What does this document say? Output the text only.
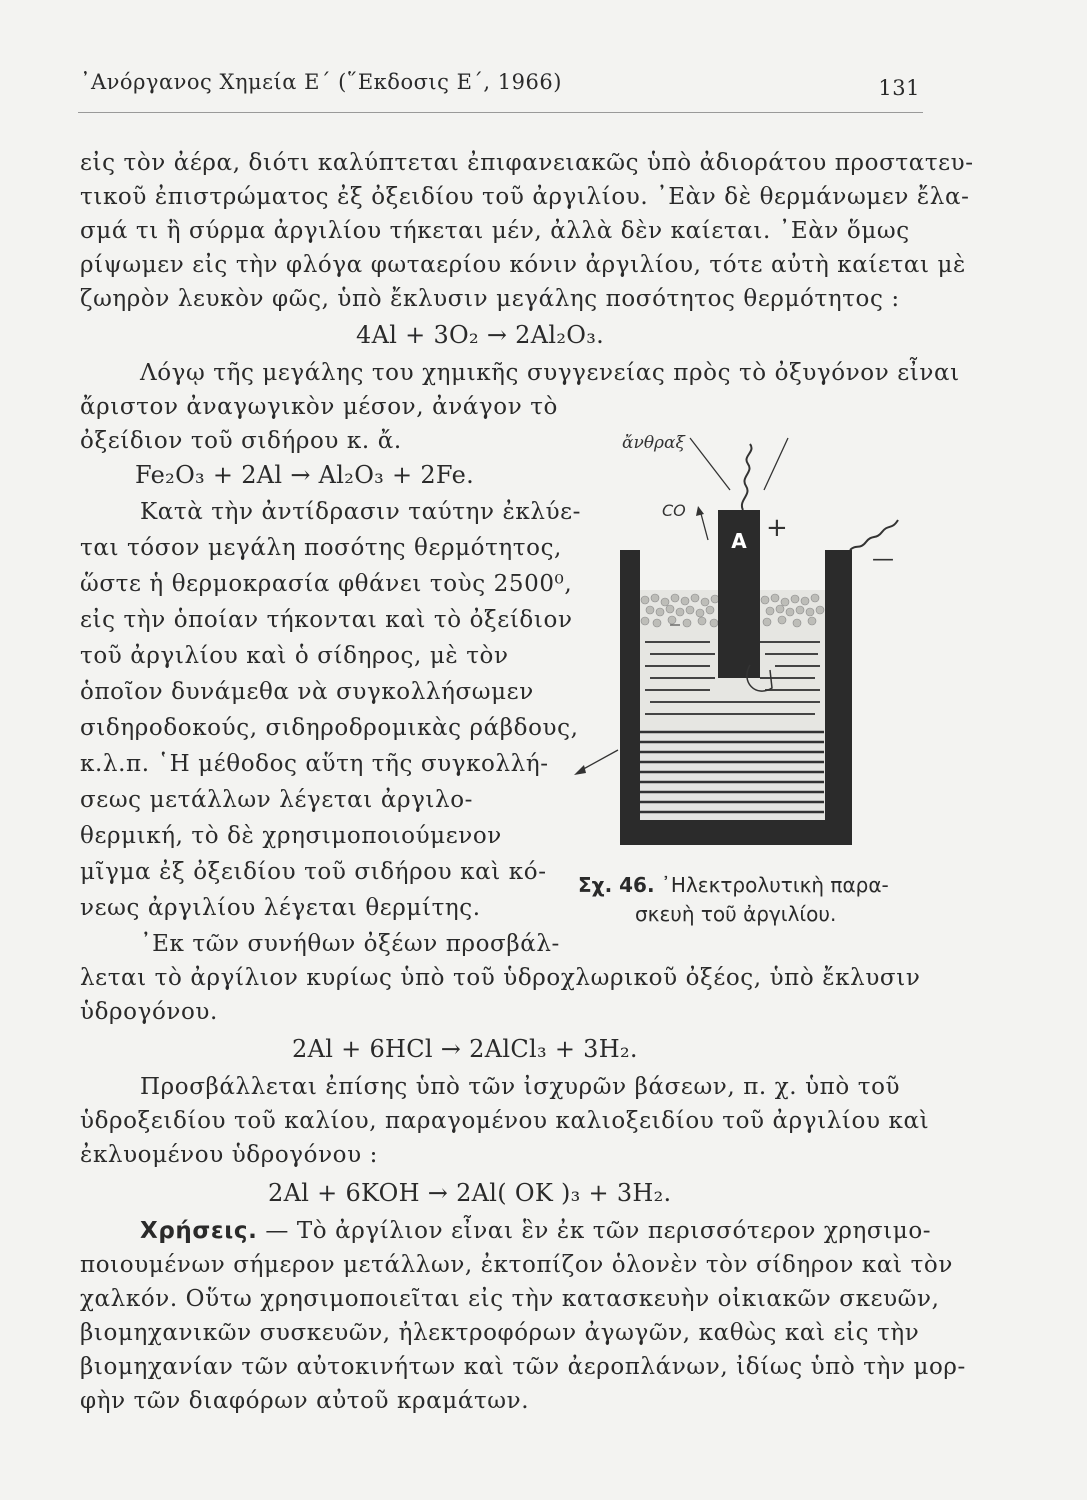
᾿Ανόργανος Χημεία Ε΄ (῞Εκδοσις Ε΄, 1966)	131
εἰς τὸν ἀέρα, διότι καλύπτεται ἐπιφανειακῶς ὑπὸ ἀδιοράτου προστατευ-
τικοῦ ἐπιστρώματος ἐξ ὀξειδίου τοῦ ἀργιλίου. ᾿Εὰν δὲ θερμάνωμεν ἔλα-
σμά τι ἢ σύρμα ἀργιλίου τήκεται μέν, ἀλλὰ δὲν καίεται. ᾿Εὰν ὅμως
ρίψωμεν εἰς τὴν φλόγα φωταερίου κόνιν ἀργιλίου, τότε αὐτὴ καίεται μὲ
ζωηρὸν λευκὸν φῶς, ὑπὸ ἔκλυσιν μεγάλης ποσότητος θερμότητος :
4Al + 3O₂ → 2Al₂O₃.
Λόγῳ τῆς μεγάλης του χημικῆς συγγενείας πρὸς τὸ ὀξυγόνον εἶναι
ἄριστον ἀναγωγικὸν μέσον, ἀνάγον τὸ
ὀξείδιον τοῦ σιδήρου κ. ἄ.
Fe₂O₃ + 2Al → Al₂O₃ + 2Fe.
Κατὰ τὴν ἀντίδρασιν ταύτην ἐκλύε-
ται τόσον μεγάλη ποσότης θερμότητος,
ὥστε ἡ θερμοκρασία φθάνει τοὺς 2500⁰,
εἰς τὴν ὁποίαν τήκονται καὶ τὸ ὀξείδιον
τοῦ ἀργιλίου καὶ ὁ σίδηρος, μὲ τὸν
ὁποῖον δυνάμεθα νὰ συγκολλήσωμεν
σιδηροδοκούς, σιδηροδρομικὰς ράβδους,
κ.λ.π. ῾Η μέθοδος αὕτη τῆς συγκολλή-
σεως μετάλλων λέγεται ἀργιλο-
θερμική, τὸ δὲ χρησιμοποιούμενον
μῖγμα ἐξ ὀξειδίου τοῦ σιδήρου καὶ κό-
νεως ἀργιλίου λέγεται θερμίτης.
᾿Εκ τῶν συνήθων ὀξέων προσβάλ-
A
ἄνθραξ
CO
+
—
Σχ. 46. ᾿Ηλεκτρολυτικὴ παρα-
σκευὴ τοῦ ἀργιλίου.
λεται τὸ ἀργίλιον κυρίως ὑπὸ τοῦ ὑδροχλωρικοῦ ὀξέος, ὑπὸ ἔκλυσιν
ὑδρογόνου.
2Al + 6HCl → 2AlCl₃ + 3H₂.
Προσβάλλεται ἐπίσης ὑπὸ τῶν ἰσχυρῶν βάσεων, π. χ. ὑπὸ τοῦ
ὑδροξειδίου τοῦ καλίου, παραγομένου καλιοξειδίου τοῦ ἀργιλίου καὶ
ἐκλυομένου ὑδρογόνου :
2Al + 6KOH → 2Al( OK )₃ + 3H₂.
Χρήσεις. — Τὸ ἀργίλιον εἶναι ἓν ἐκ τῶν περισσότερον χρησιμο-
ποιουμένων σήμερον μετάλλων, ἐκτοπίζον ὁλονὲν τὸν σίδηρον καὶ τὸν
χαλκόν. Οὕτω χρησιμοποιεῖται εἰς τὴν κατασκευὴν οἰκιακῶν σκευῶν,
βιομηχανικῶν συσκευῶν, ἠλεκτροφόρων ἀγωγῶν, καθὼς καὶ εἰς τὴν
βιομηχανίαν τῶν αὐτοκινήτων καὶ τῶν ἀεροπλάνων, ἰδίως ὑπὸ τὴν μορ-
φὴν τῶν διαφόρων αὐτοῦ κραμάτων.
